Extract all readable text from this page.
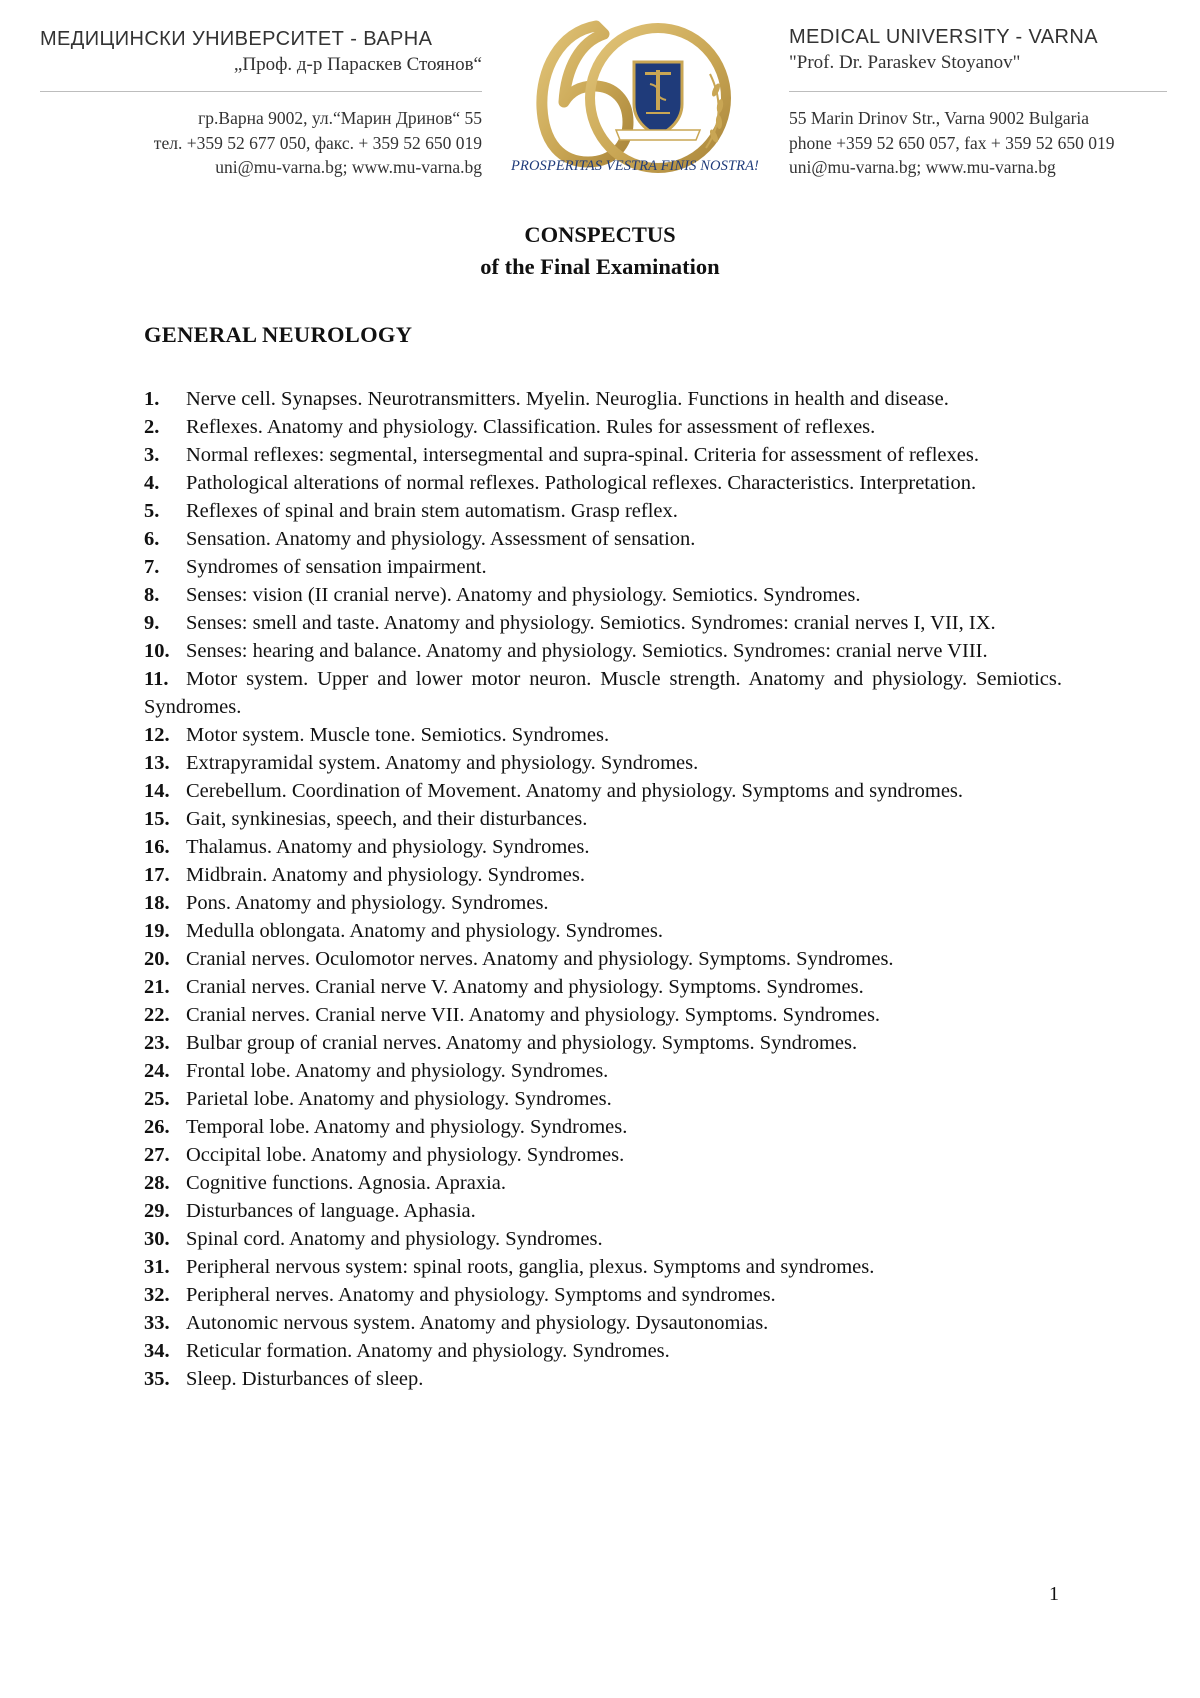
МЕДИЦИНСКИ УНИВЕРСИТЕТ - ВАРНА
„Проф. д-р Параскев Стоянов“
гр.Варна 9002, ул.“Марин Дринов“ 55
тел. +359 52 677 050, факс. + 359 52 650 019
uni@mu-varna.bg; www.mu-varna.bg	PROSPERITAS VESTRA FINIS NOSTRA!
MEDICAL UNIVERSITY - VARNA
"Prof. Dr. Paraskev Stoyanov"
55 Marin Drinov Str., Varna 9002 Bulgaria
phone +359 52 650 057, fax + 359 52 650 019
uni@mu-varna.bg; www.mu-varna.bg
CONSPECTUS
of the Final Examination
GENERAL NEUROLOGY
1. Nerve cell. Synapses. Neurotransmitters. Myelin. Neuroglia. Functions in health and disease.
2. Reflexes. Anatomy and physiology. Classification. Rules for assessment of reflexes.
3. Normal reflexes: segmental, intersegmental and supra-spinal. Criteria for assessment of reflexes.
4. Pathological alterations of normal reflexes. Pathological reflexes. Characteristics. Interpretation.
5. Reflexes of spinal and brain stem automatism. Grasp reflex.
6. Sensation. Anatomy and physiology. Assessment of sensation.
7. Syndromes of sensation impairment.
8. Senses: vision (II cranial nerve). Anatomy and physiology. Semiotics. Syndromes.
9. Senses: smell and taste. Anatomy and physiology. Semiotics. Syndromes: cranial nerves I, VII, IX.
10. Senses: hearing and balance. Anatomy and physiology. Semiotics. Syndromes: cranial nerve VIII.
11. Motor system. Upper and lower motor neuron. Muscle strength. Anatomy and physiology. Semiotics. Syndromes.
12. Motor system. Muscle tone. Semiotics. Syndromes.
13. Extrapyramidal system. Anatomy and physiology. Syndromes.
14. Cerebellum. Coordination of Movement. Anatomy and physiology. Symptoms and syndromes.
15. Gait, synkinesias, speech, and their disturbances.
16. Thalamus. Anatomy and physiology. Syndromes.
17. Midbrain. Anatomy and physiology. Syndromes.
18. Pons. Anatomy and physiology. Syndromes.
19. Medulla oblongata. Anatomy and physiology. Syndromes.
20. Cranial nerves. Oculomotor nerves. Anatomy and physiology. Symptoms. Syndromes.
21. Cranial nerves. Cranial nerve V. Anatomy and physiology. Symptoms. Syndromes.
22. Cranial nerves. Cranial nerve VII. Anatomy and physiology. Symptoms. Syndromes.
23. Bulbar group of cranial nerves. Anatomy and physiology. Symptoms. Syndromes.
24. Frontal lobe. Anatomy and physiology. Syndromes.
25. Parietal lobe. Anatomy and physiology. Syndromes.
26. Temporal lobe. Anatomy and physiology. Syndromes.
27. Occipital lobe. Anatomy and physiology. Syndromes.
28. Cognitive functions. Agnosia. Apraxia.
29. Disturbances of language. Aphasia.
30. Spinal cord. Anatomy and physiology. Syndromes.
31. Peripheral nervous system: spinal roots, ganglia, plexus. Symptoms and syndromes.
32. Peripheral nerves. Anatomy and physiology. Symptoms and syndromes.
33. Autonomic nervous system. Anatomy and physiology. Dysautonomias.
34. Reticular formation. Anatomy and physiology. Syndromes.
35. Sleep. Disturbances of sleep.
1
